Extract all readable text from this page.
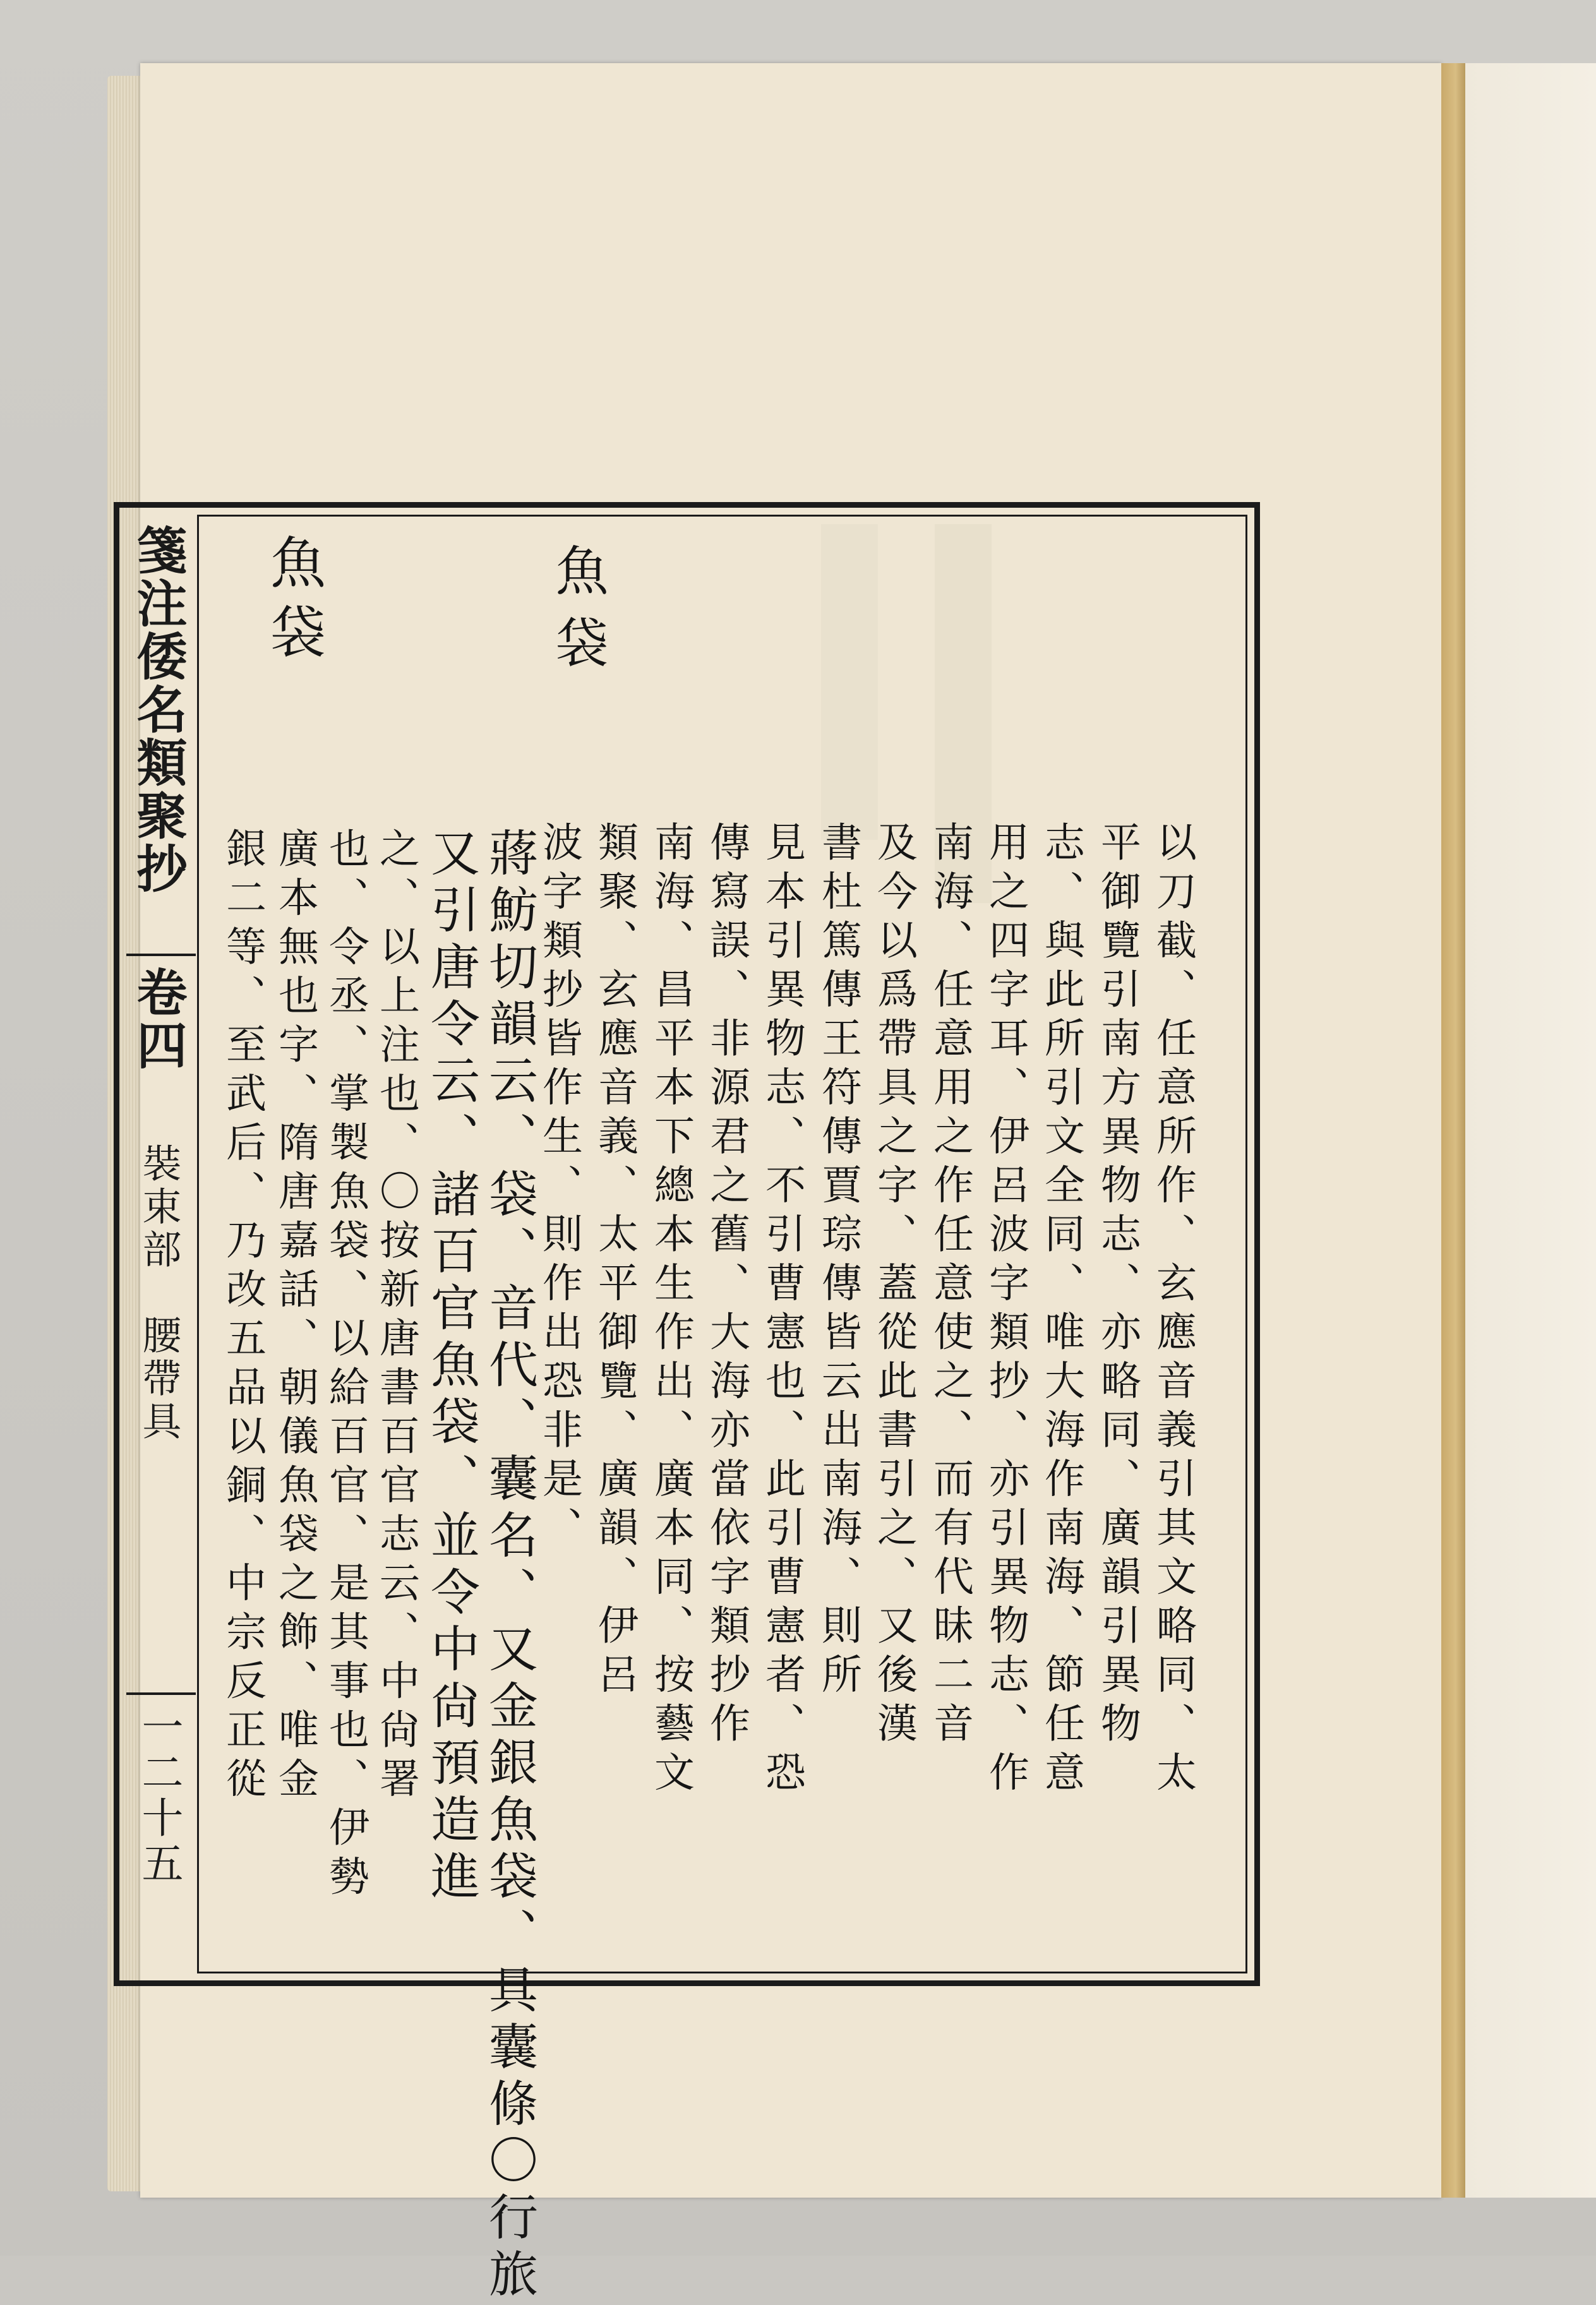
箋注倭名類聚抄
卷四
裝束部　腰帶具
一二十五
魚袋	魚袋
以刀截、任意所作、玄應音義引其文略同、太
平御覽引南方異物志、亦略同、廣韻引異物
志、與此所引文全同、唯大海作南海、節任意
用之四字耳、伊呂波字類抄、亦引異物志、作
南海、任意用之作任意使之、而有代昧二音
及今以爲帶具之字、蓋從此書引之、又後漢
書杜篤傳王符傳賈琮傳皆云出南海、則所
見本引異物志、不引曹憲也、此引曹憲者、恐
傳寫誤、非源君之舊、大海亦當依字類抄作
南海、昌平本下總本生作出、廣本同、按藝文
類聚、玄應音義、太平御覽、廣韻、伊呂
波字類抄皆作生、則作出恐非是、
蔣魴切韻云、袋、音代、囊名、又金銀魚袋、具囊條〇行旅
又引唐令云、諸百官魚袋、並令中尙預造進
之、以上注也、〇按新唐書百官志云、中尙署
也、令丞、掌製魚袋、以給百官、是其事也、伊勢
廣本無也字、隋唐嘉話、朝儀魚袋之飾、唯金
銀二等、至武后、乃改五品以銅、中宗反正從
